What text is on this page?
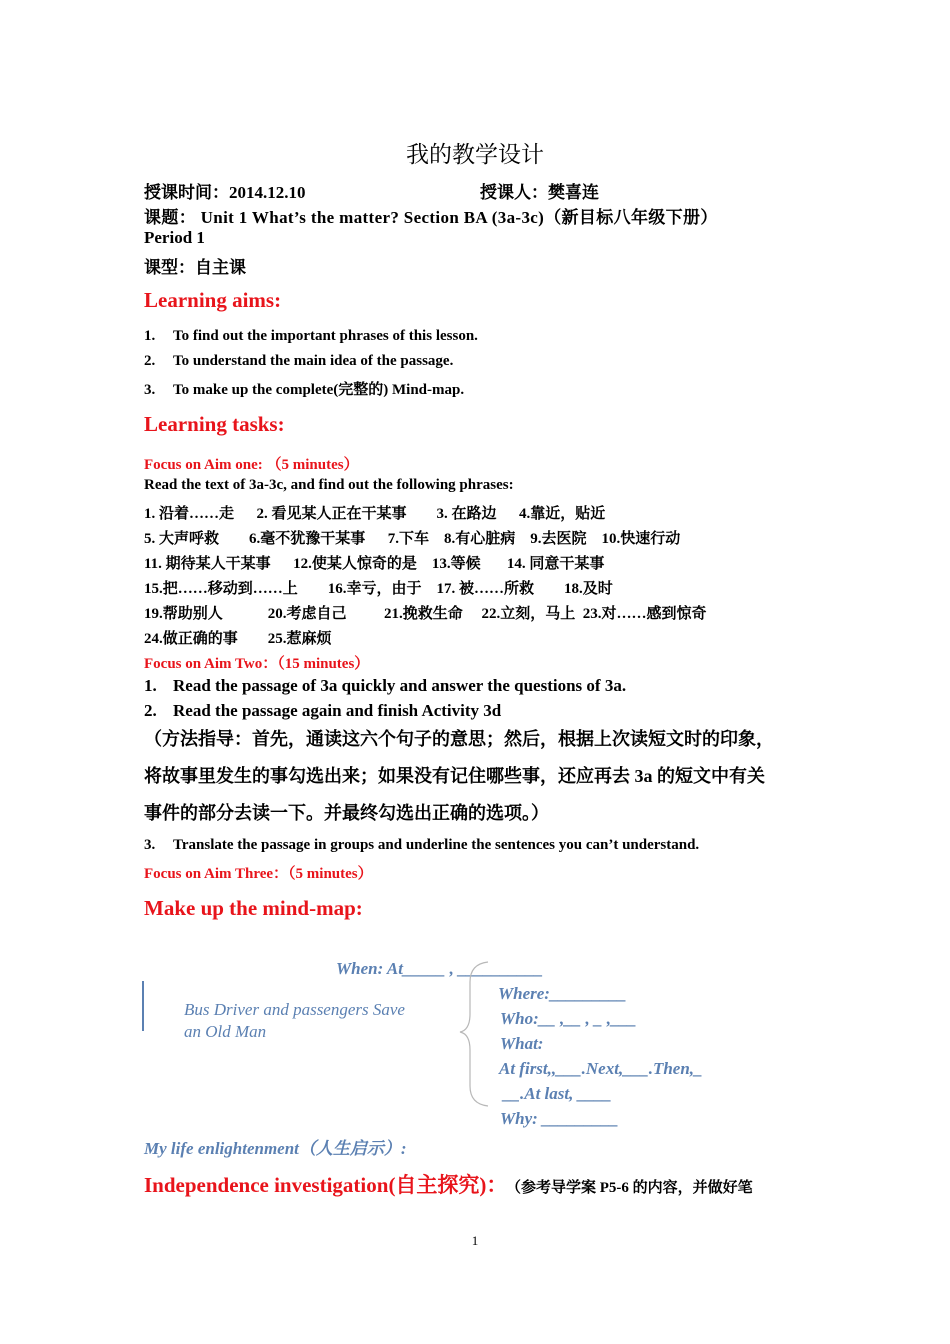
我的教学设计
授课时间：2014.12.10	授课人：樊喜连
课题： Unit 1 What’s the matter? Section BA (3a-3c)（新目标八年级下册）
Period 1
课型：自主课
Learning aims:
1. To find out the important phrases of this lesson.
2. To understand the main idea of the passage.
3. To make up the complete(完整的) Mind-map.
Learning tasks:
Focus on Aim one: （5 minutes）
Read the text of 3a-3c, and find out the following phrases:
1. 沿着……走      2. 看见某人正在干某事        3. 在路边      4.靠近，贴近
5. 大声呼救        6.毫不犹豫干某事      7.下车    8.有心脏病    9.去医院    10.快速行动
11. 期待某人干某事      12.使某人惊奇的是    13.等候       14. 同意干某事
15.把……移动到……上        16.幸亏，由于    17. 被……所救        18.及时
19.帮助别人            20.考虑自己          21.挽救生命     22.立刻，马上  23.对……感到惊奇
24.做正确的事        25.惹麻烦
Focus on Aim Two：（15 minutes）
1. Read the passage of 3a quickly and answer the questions of 3a.
2. Read the passage again and finish Activity 3d
（方法指导：首先，通读这六个句子的意思；然后，根据上次读短文时的印象，
将故事里发生的事勾选出来；如果没有记住哪些事，还应再去 3a 的短文中有关
事件的部分去读一下。并最终勾选出正确的选项。）
3. Translate the passage in groups and underline the sentences you can’t understand.
Focus on Aim Three：（5 minutes）
Make up the mind-map:
When: At_____ , __________
Bus Driver and passengers Save
an Old Man
Where:_________
Who:__ ,__ , _ ,___
What:
At first,,___.Next,___.Then,_
__.At last, ____
Why: _________
My life enlightenment（人生启示）:
Independence investigation(自主探究)： （参考导学案 P5-6 的内容，并做好笔
1
